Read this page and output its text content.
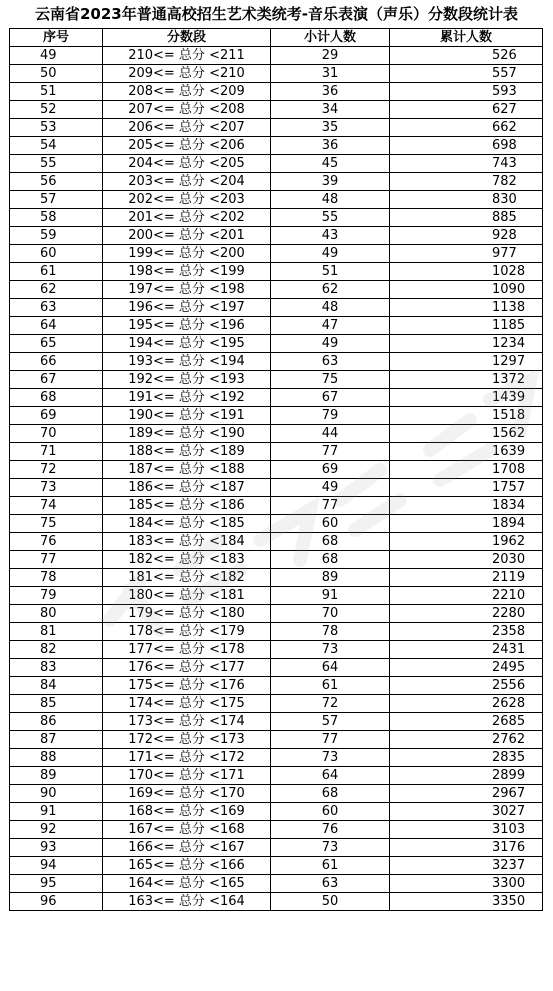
云南省2023年普通高校招生艺术类统考-音乐表演（声乐）分数段统计表
序号	分数段	小计人数	累计人数
49	210<= 总分 <211	29	526
50	209<= 总分 <210	31	557
51	208<= 总分 <209	36	593
52	207<= 总分 <208	34	627
53	206<= 总分 <207	35	662
54	205<= 总分 <206	36	698
55	204<= 总分 <205	45	743
56	203<= 总分 <204	39	782
57	202<= 总分 <203	48	830
58	201<= 总分 <202	55	885
59	200<= 总分 <201	43	928
60	199<= 总分 <200	49	977
61	198<= 总分 <199	51	1028
62	197<= 总分 <198	62	1090
63	196<= 总分 <197	48	1138
64	195<= 总分 <196	47	1185
65	194<= 总分 <195	49	1234
66	193<= 总分 <194	63	1297
67	192<= 总分 <193	75	1372
68	191<= 总分 <192	67	1439
69	190<= 总分 <191	79	1518
70	189<= 总分 <190	44	1562
71	188<= 总分 <189	77	1639
72	187<= 总分 <188	69	1708
73	186<= 总分 <187	49	1757
74	185<= 总分 <186	77	1834
75	184<= 总分 <185	60	1894
76	183<= 总分 <184	68	1962
77	182<= 总分 <183	68	2030
78	181<= 总分 <182	89	2119
79	180<= 总分 <181	91	2210
80	179<= 总分 <180	70	2280
81	178<= 总分 <179	78	2358
82	177<= 总分 <178	73	2431
83	176<= 总分 <177	64	2495
84	175<= 总分 <176	61	2556
85	174<= 总分 <175	72	2628
86	173<= 总分 <174	57	2685
87	172<= 总分 <173	77	2762
88	171<= 总分 <172	73	2835
89	170<= 总分 <171	64	2899
90	169<= 总分 <170	68	2967
91	168<= 总分 <169	60	3027
92	167<= 总分 <168	76	3103
93	166<= 总分 <167	73	3176
94	165<= 总分 <166	61	3237
95	164<= 总分 <165	63	3300
96	163<= 总分 <164	50	3350
